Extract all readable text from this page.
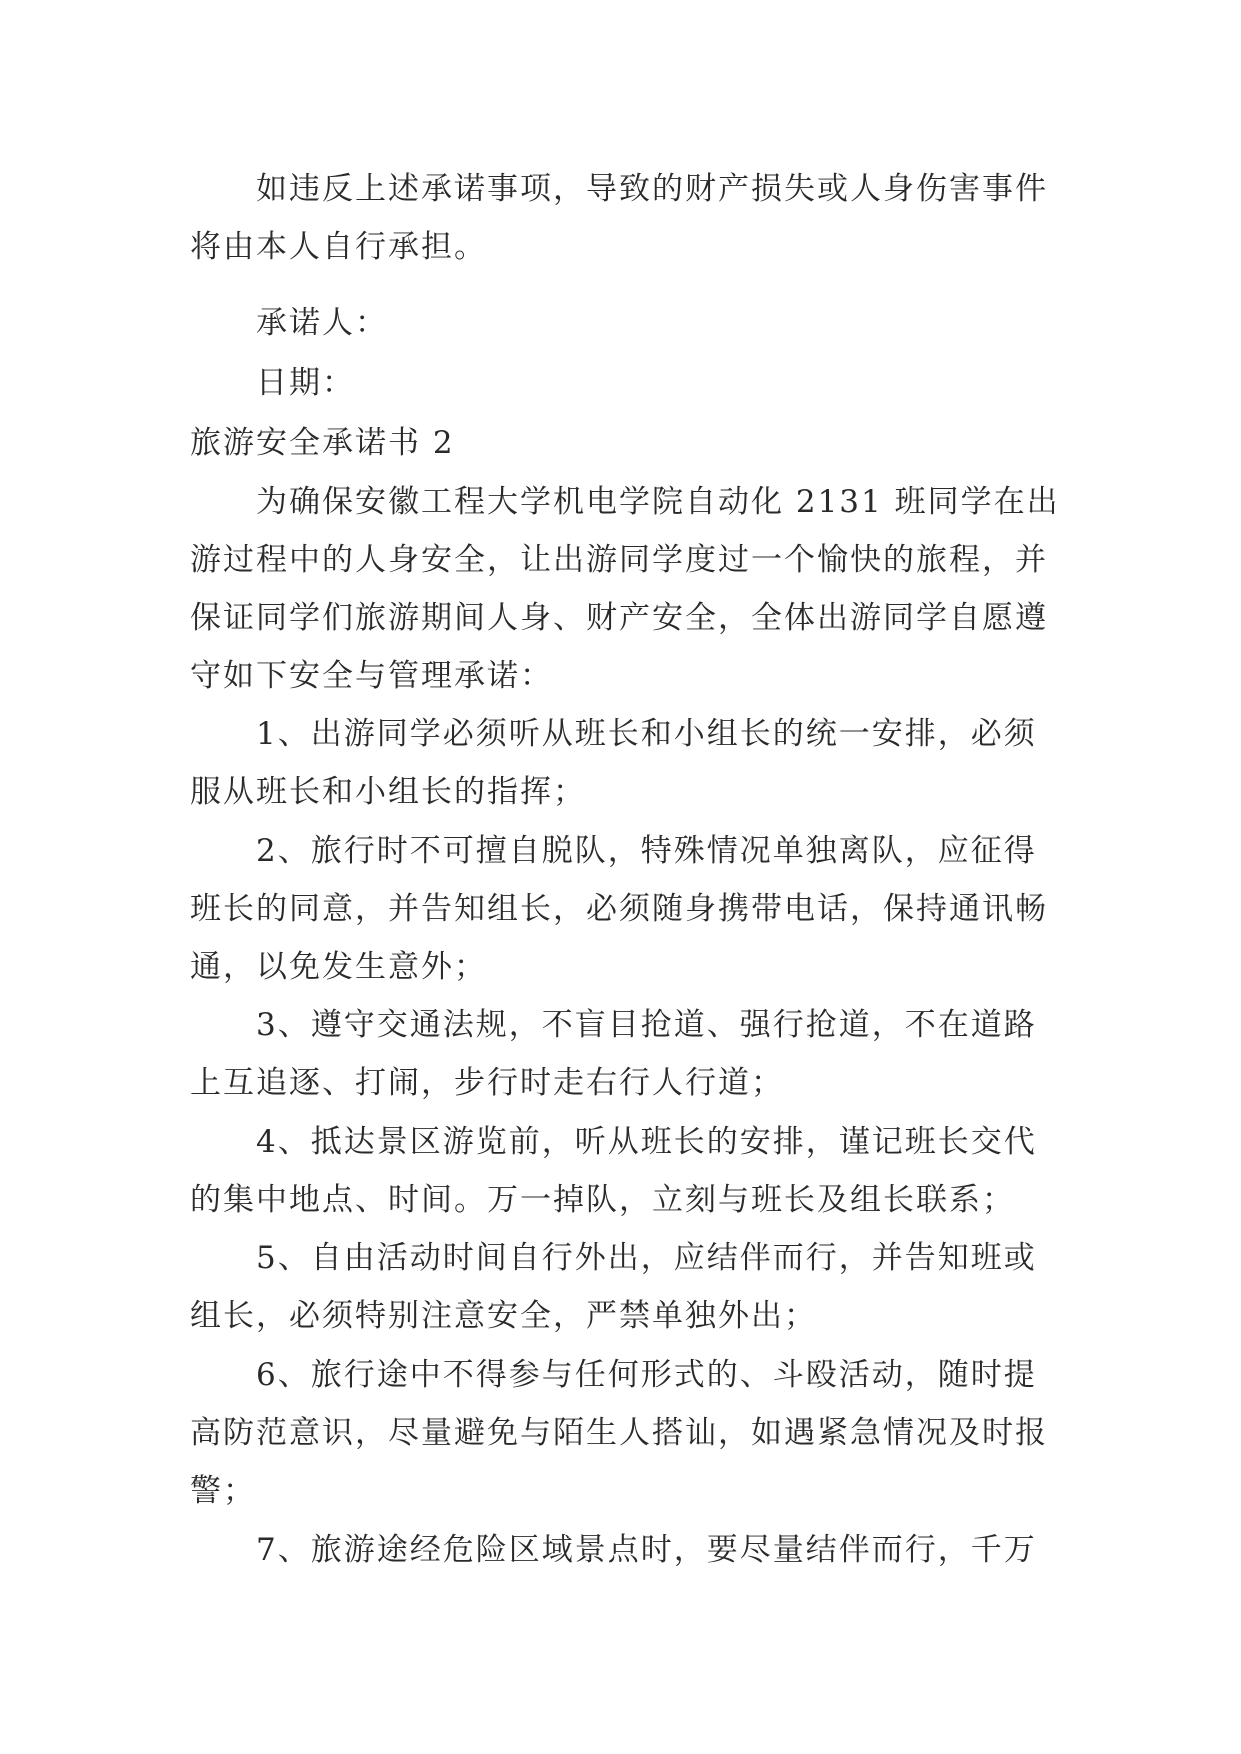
如违反上述承诺事项，导致的财产损失或人身伤害事件
将由本人自行承担。
承诺人：
日期：
旅游安全承诺书 2
为确保安徽工程大学机电学院自动化 2131 班同学在出
游过程中的人身安全，让出游同学度过一个愉快的旅程，并
保证同学们旅游期间人身、财产安全，全体出游同学自愿遵
守如下安全与管理承诺：
1、出游同学必须听从班长和小组长的统一安排，必须
服从班长和小组长的指挥；
2、旅行时不可擅自脱队，特殊情况单独离队，应征得
班长的同意，并告知组长，必须随身携带电话，保持通讯畅
通，以免发生意外；
3、遵守交通法规，不盲目抢道、强行抢道，不在道路
上互追逐、打闹，步行时走右行人行道；
4、抵达景区游览前，听从班长的安排，谨记班长交代
的集中地点、时间。万一掉队，立刻与班长及组长联系；
5、自由活动时间自行外出，应结伴而行，并告知班或
组长，必须特别注意安全，严禁单独外出；
6、旅行途中不得参与任何形式的、斗殴活动，随时提
高防范意识，尽量避免与陌生人搭讪，如遇紧急情况及时报
警；
7、旅游途经危险区域景点时，要尽量结伴而行，千万
